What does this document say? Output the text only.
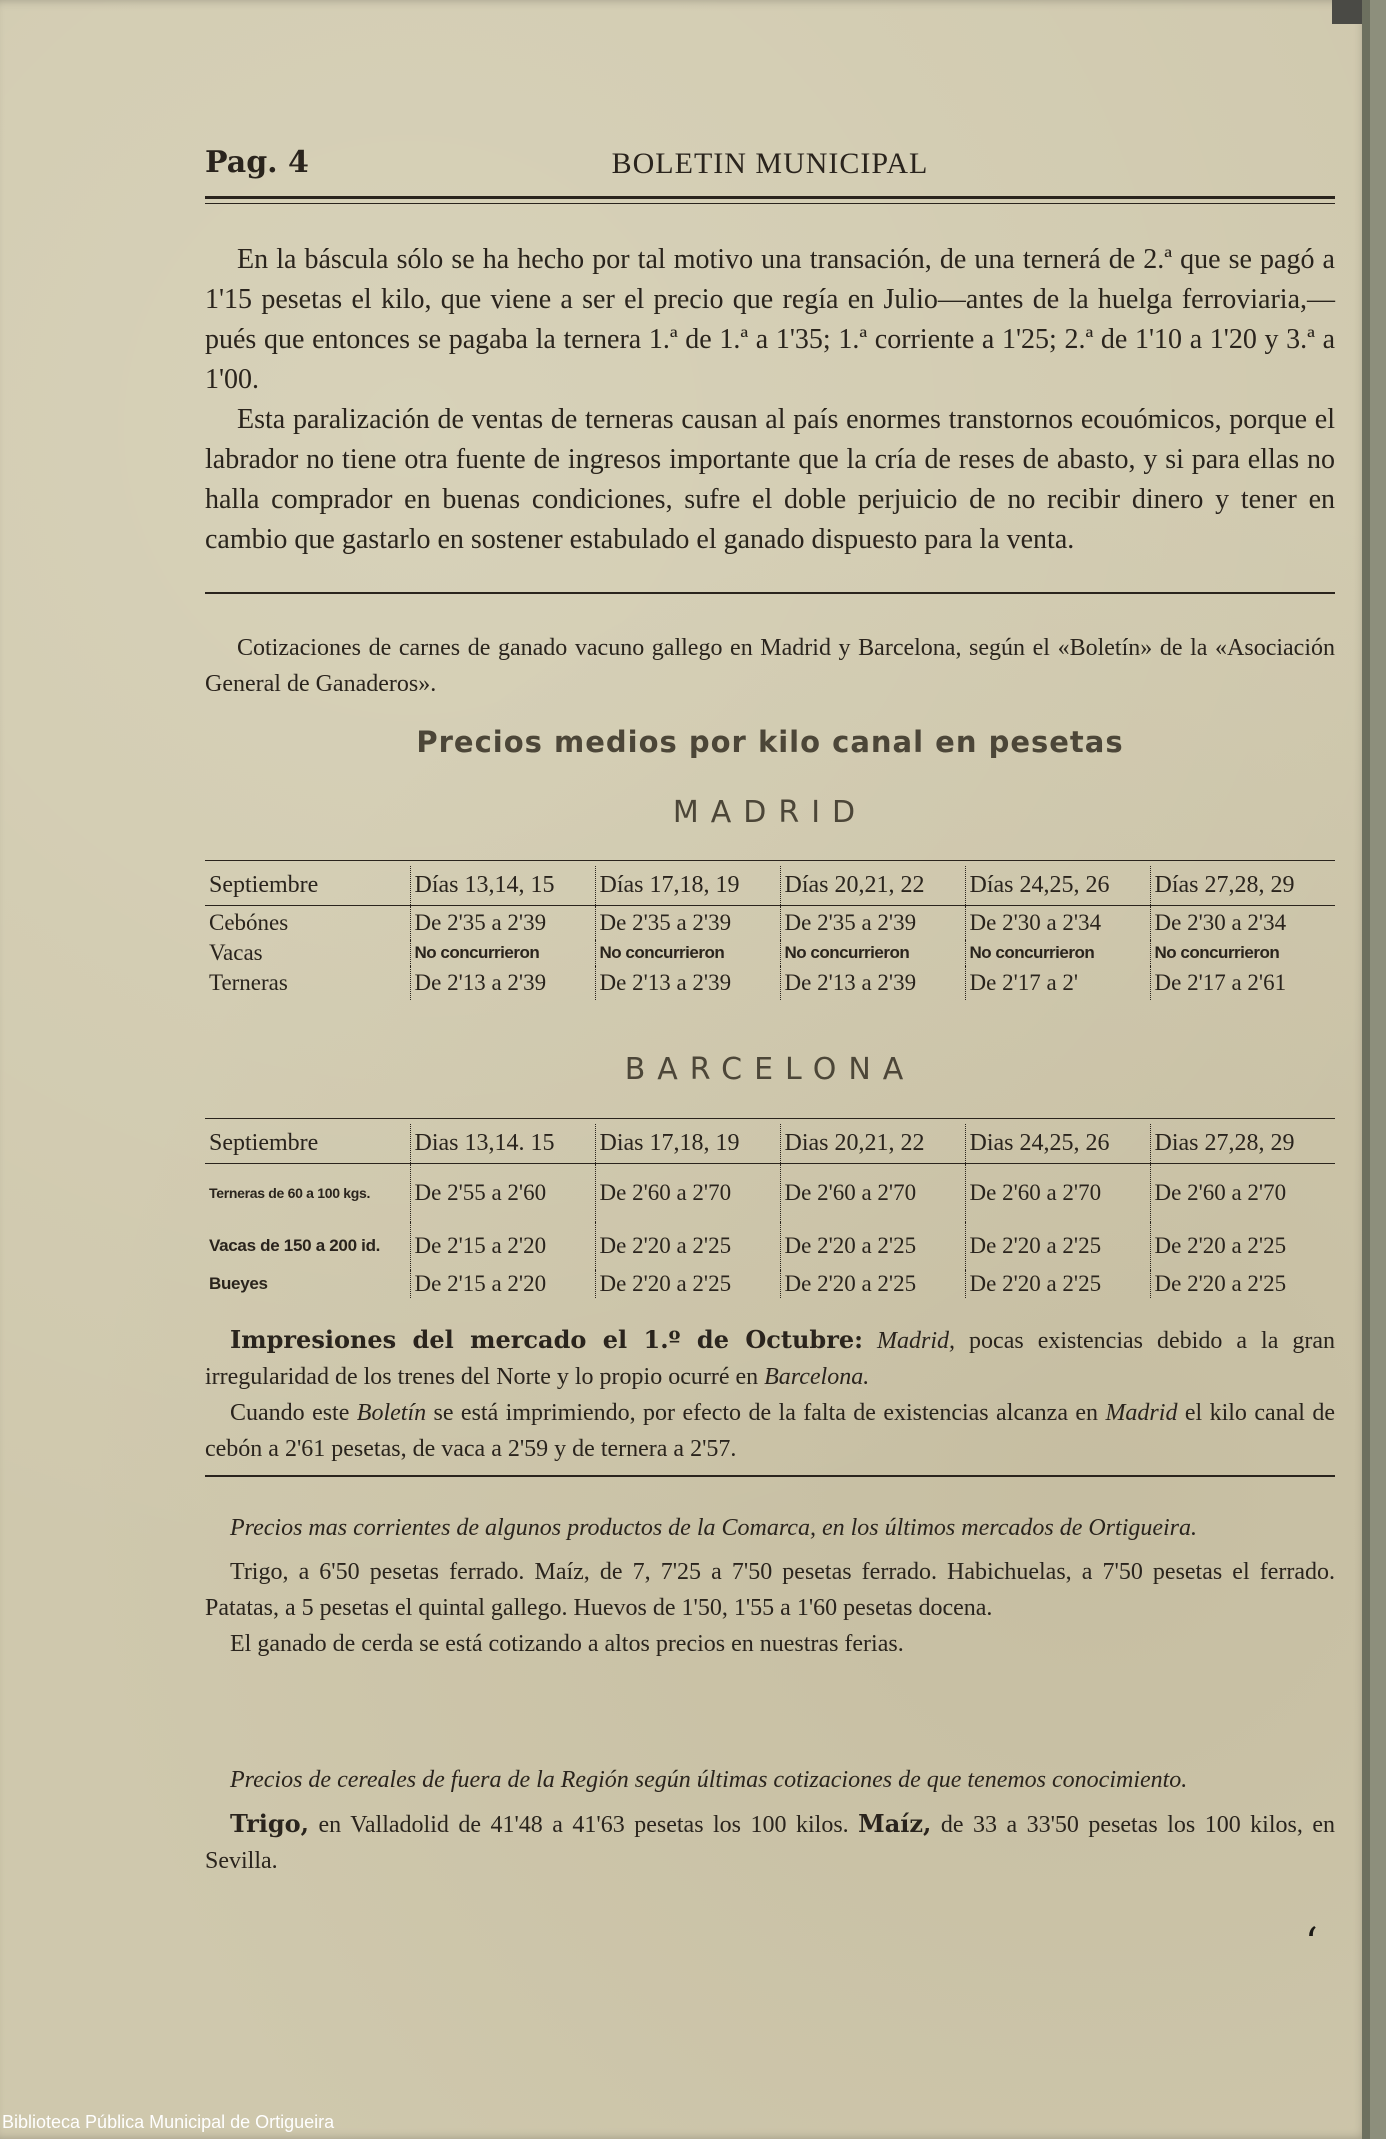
Pag. 4	BOLETIN MUNICIPAL

En la báscula sólo se ha hecho por tal motivo una transación, de una ternerá de 2.ª que se pagó a 1'15 pesetas el kilo, que viene a ser el precio que regía en Julio—antes de la huelga ferroviaria,—pués que entonces se pagaba la ternera 1.ª de 1.ª a 1'35; 1.ª corriente a 1'25; 2.ª de 1'10 a 1'20 y 3.ª a 1'00.

Esta paralización de ventas de terneras causan al país enormes transtornos ecouómicos, porque el labrador no tiene otra fuente de ingresos importante que la cría de reses de abasto, y si para ellas no halla comprador en buenas condiciones, sufre el doble perjuicio de no recibir dinero y tener en cambio que gastarlo en sostener estabulado el ganado dispuesto para la venta.

Cotizaciones de carnes de ganado vacuno gallego en Madrid y Barcelona, según el «Boletín» de la «Asociación General de Ganaderos».

Precios medios por kilo canal en pesetas
MADRID
Septiembre	Días 13,14, 15	Días 17,18, 19	Días 20,21, 22	Días 24,25, 26	Días 27,28, 29
Cebónes	De 2'35 a 2'39	De 2'35 a 2'39	De 2'35 a 2'39	De 2'30 a 2'34	De 2'30 a 2'34
Vacas	No concurrieron	No concurrieron	No concurrieron	No concurrieron	No concurrieron
Terneras	De 2'13 a 2'39	De 2'13 a 2'39	De 2'13 a 2'39	De 2'17 a 2'	De 2'17 a 2'61
BARCELONA
Septiembre	Dias 13,14. 15	Dias 17,18, 19	Dias 20,21, 22	Dias 24,25, 26	Dias 27,28, 29
Terneras de 60 a 100 kgs.	De 2'55 a 2'60	De 2'60 a 2'70	De 2'60 a 2'70	De 2'60 a 2'70	De 2'60 a 2'70
Vacas de 150 a 200 id.	De 2'15 a 2'20	De 2'20 a 2'25	De 2'20 a 2'25	De 2'20 a 2'25	De 2'20 a 2'25
Bueyes	De 2'15 a 2'20	De 2'20 a 2'25	De 2'20 a 2'25	De 2'20 a 2'25	De 2'20 a 2'25

Impresiones del mercado el 1.º de Octubre: Madrid, pocas existencias debido a la gran irregularidad de los trenes del Norte y lo propio ocurré en Barcelona.

Cuando este Boletín se está imprimiendo, por efecto de la falta de existencias alcanza en Madrid el kilo canal de cebón a 2'61 pesetas, de vaca a 2'59 y de ternera a 2'57.

Precios mas corrientes de algunos productos de la Comarca, en los últimos mercados de Ortigueira.

Trigo, a 6'50 pesetas ferrado. Maíz, de 7, 7'25 a 7'50 pesetas ferrado. Habichuelas, a 7'50 pesetas el ferrado. Patatas, a 5 pesetas el quintal gallego. Huevos de 1'50, 1'55 a 1'60 pesetas docena.

El ganado de cerda se está cotizando a altos precios en nuestras ferias.

Precios de cereales de fuera de la Región según últimas cotizaciones de que tenemos conocimiento.

Trigo, en Valladolid de 41'48 a 41'63 pesetas los 100 kilos. Maíz, de 33 a 33'50 pesetas los 100 kilos, en Sevilla.

ʻ
Biblioteca Pública Municipal de Ortigueira
